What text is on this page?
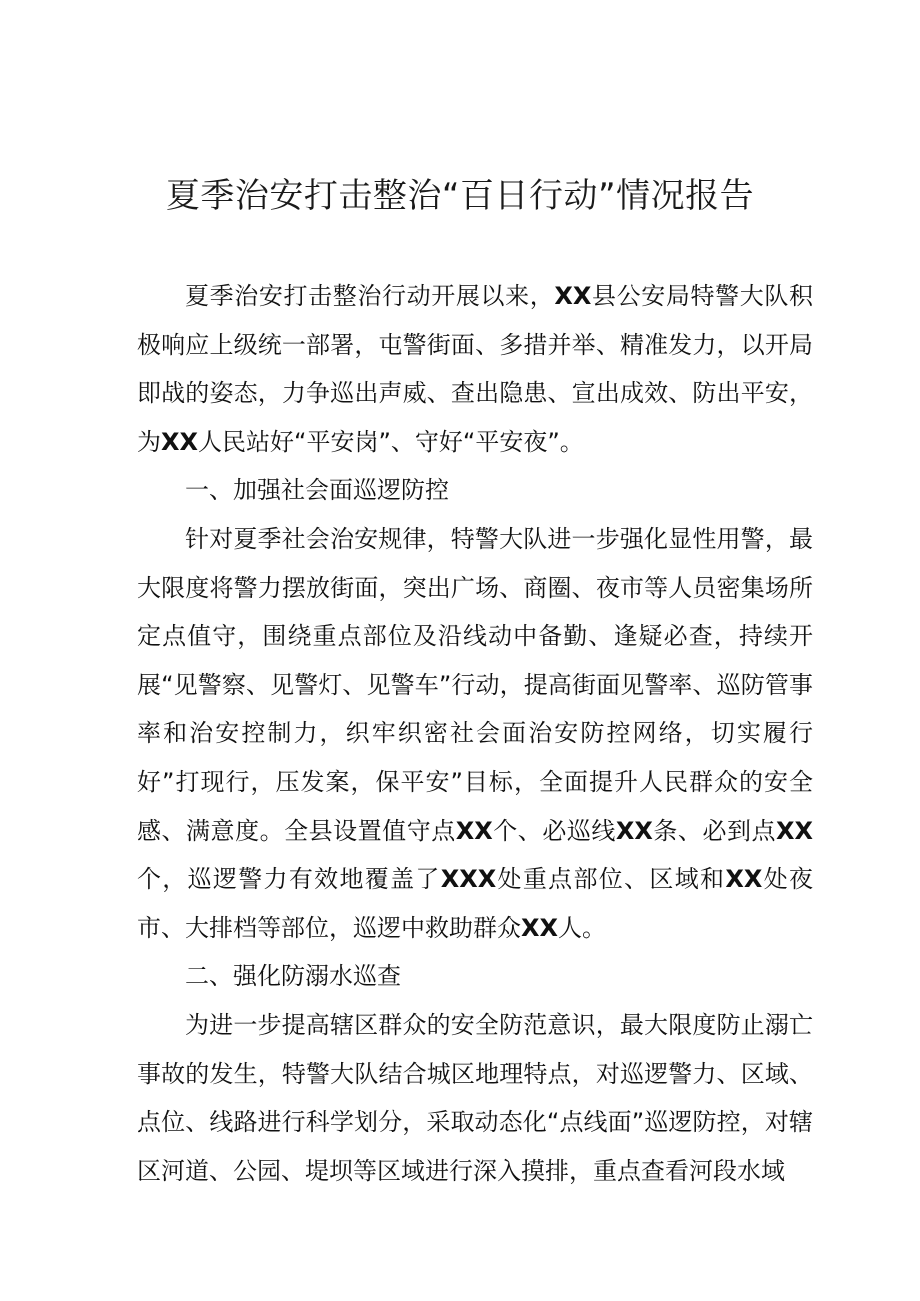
夏季治安打击整治“百日行动”情况报告

夏季治安打击整治行动开展以来，XX县公安局特警大队积极响应上级统一部署，屯警街面、多措并举、精准发力，以开局即战的姿态，力争巡出声威、查出隐患、宣出成效、防出平安，为XX人民站好“平安岗”、守好“平安夜”。

一、加强社会面巡逻防控

针对夏季社会治安规律，特警大队进一步强化显性用警，最大限度将警力摆放街面，突出广场、商圈、夜市等人员密集场所定点值守，围绕重点部位及沿线动中备勤、逢疑必查，持续开展“见警察、见警灯、见警车”行动，提高街面见警率、巡防管事率和治安控制力，织牢织密社会面治安防控网络，切实履行好”打现行，压发案，保平安”目标，全面提升人民群众的安全感、满意度。全县设置值守点XX个、必巡线XX条、必到点XX个，巡逻警力有效地覆盖了XXX处重点部位、区域和XX处夜市、大排档等部位，巡逻中救助群众XX人。

二、强化防溺水巡查

为进一步提高辖区群众的安全防范意识，最大限度防止溺亡事故的发生，特警大队结合城区地理特点，对巡逻警力、区域、点位、线路进行科学划分，采取动态化“点线面”巡逻防控，对辖区河道、公园、堤坝等区域进行深入摸排，重点查看河段水域
